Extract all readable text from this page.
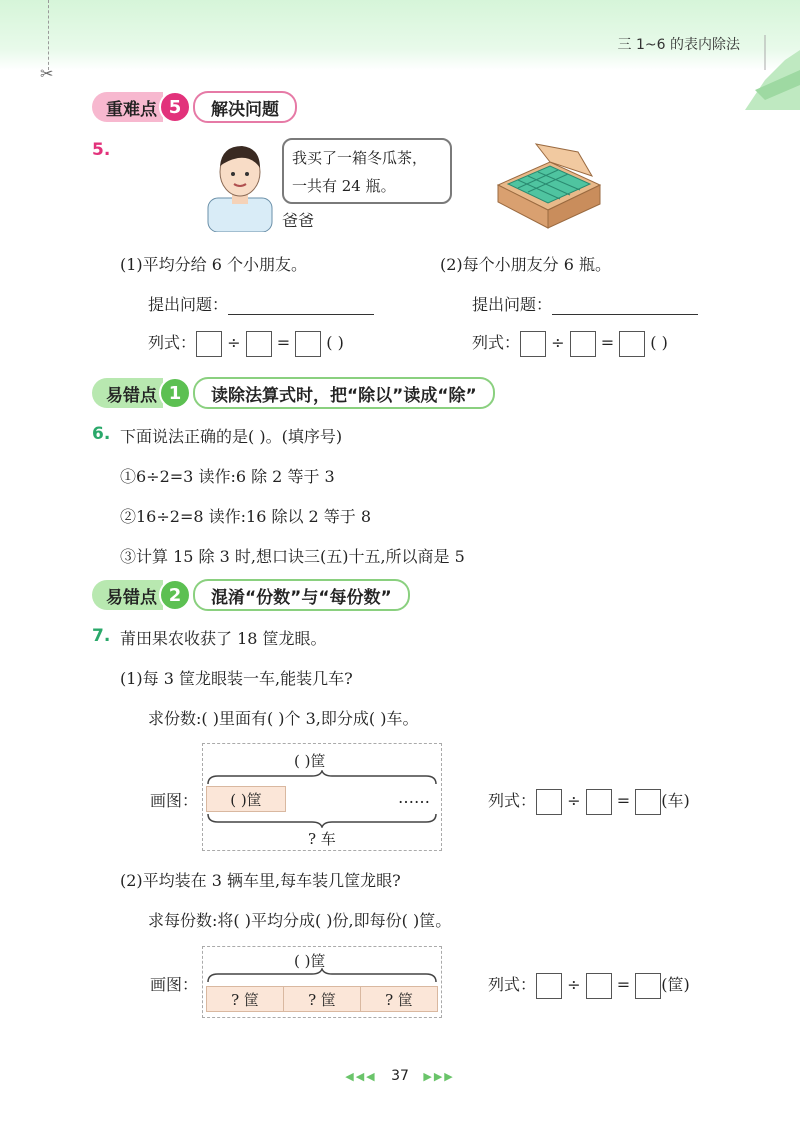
✂
三 1~6 的表内除法
重难点 5	解决问题
5.	我买了一箱冬瓜茶，
一共有 24 瓶。
爸爸
(1)平均分给 6 个小朋友。	(2)每个小朋友分 6 瓶。
提出问题：	提出问题：
列式： ÷ = ( )	列式： ÷ = ( )
易错点 1	读除法算式时，把“除以”读成“除”
6. 下面说法正确的是( )。(填序号)
①6÷2=3 读作:6 除 2 等于 3
②16÷2=8 读作:16 除以 2 等于 8
③计算 15 除 3 时,想口诀三(五)十五,所以商是 5
易错点 2	混淆“份数”与“每份数”
7. 莆田果农收获了 18 筐龙眼。
(1)每 3 筐龙眼装一车,能装几车?
求份数:( )里面有( )个 3,即分成( )车。
( )筐
画图：	( )筐	……
? 车
列式： ÷ = (车)
(2)平均装在 3 辆车里,每车装几筐龙眼?
求每份数:将( )平均分成( )份,即每份( )筐。
( )筐
画图：
? 筐	? 筐	? 筐
列式： ÷ = (筐)
◀◀◀ 37 ▶▶▶
